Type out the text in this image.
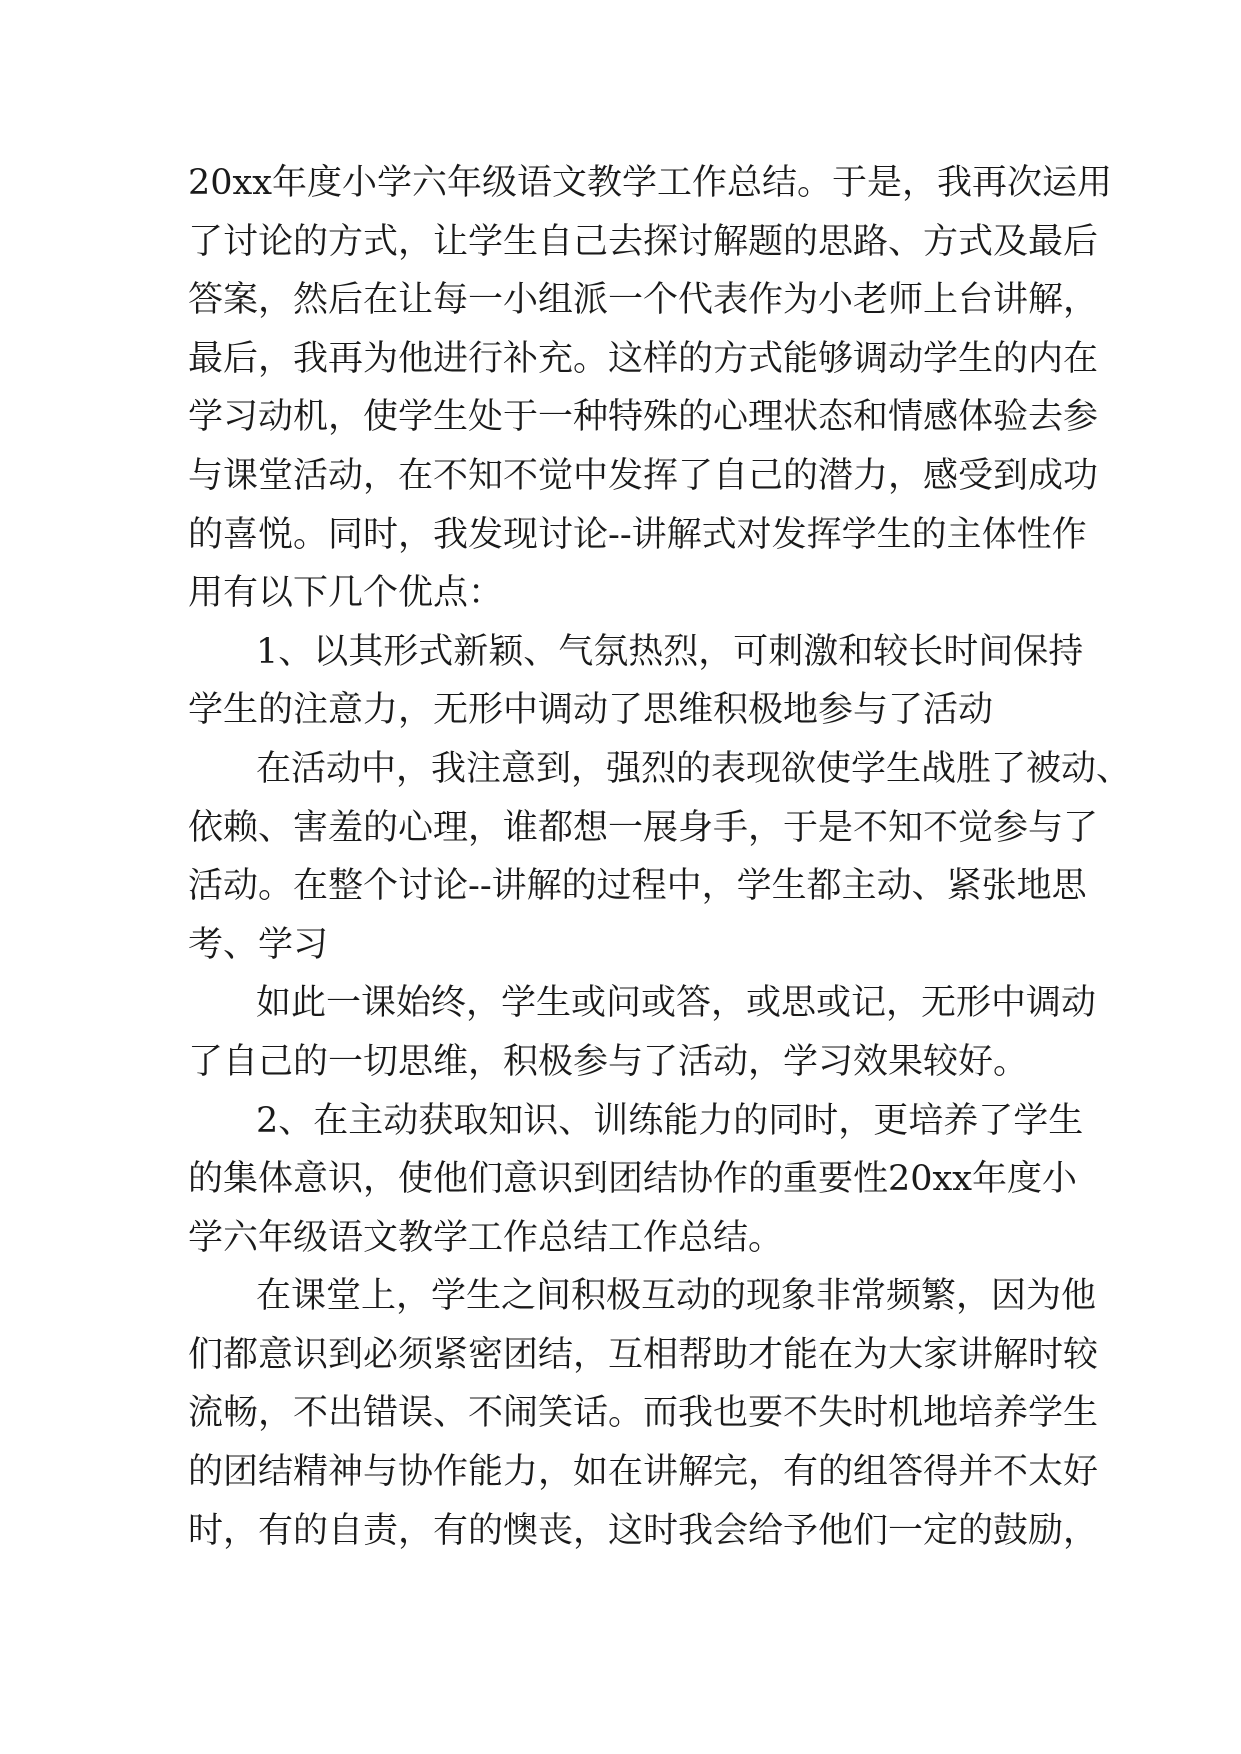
20xx年度小学六年级语文教学工作总结。于是，我再次运用
了讨论的方式，让学生自己去探讨解题的思路、方式及最后
答案，然后在让每一小组派一个代表作为小老师上台讲解，
最后，我再为他进行补充。这样的方式能够调动学生的内在
学习动机，使学生处于一种特殊的心理状态和情感体验去参
与课堂活动，在不知不觉中发挥了自己的潜力，感受到成功
的喜悦。同时，我发现讨论--讲解式对发挥学生的主体性作
用有以下几个优点：
1、以其形式新颖、气氛热烈，可刺激和较长时间保持
学生的注意力，无形中调动了思维积极地参与了活动
在活动中，我注意到，强烈的表现欲使学生战胜了被动、
依赖、害羞的心理，谁都想一展身手，于是不知不觉参与了
活动。在整个讨论--讲解的过程中，学生都主动、紧张地思
考、学习
如此一课始终，学生或问或答，或思或记，无形中调动
了自己的一切思维，积极参与了活动，学习效果较好。
2、在主动获取知识、训练能力的同时，更培养了学生
的集体意识，使他们意识到团结协作的重要性20xx年度小
学六年级语文教学工作总结工作总结。
在课堂上，学生之间积极互动的现象非常频繁，因为他
们都意识到必须紧密团结，互相帮助才能在为大家讲解时较
流畅，不出错误、不闹笑话。而我也要不失时机地培养学生
的团结精神与协作能力，如在讲解完，有的组答得并不太好
时，有的自责，有的懊丧，这时我会给予他们一定的鼓励，
